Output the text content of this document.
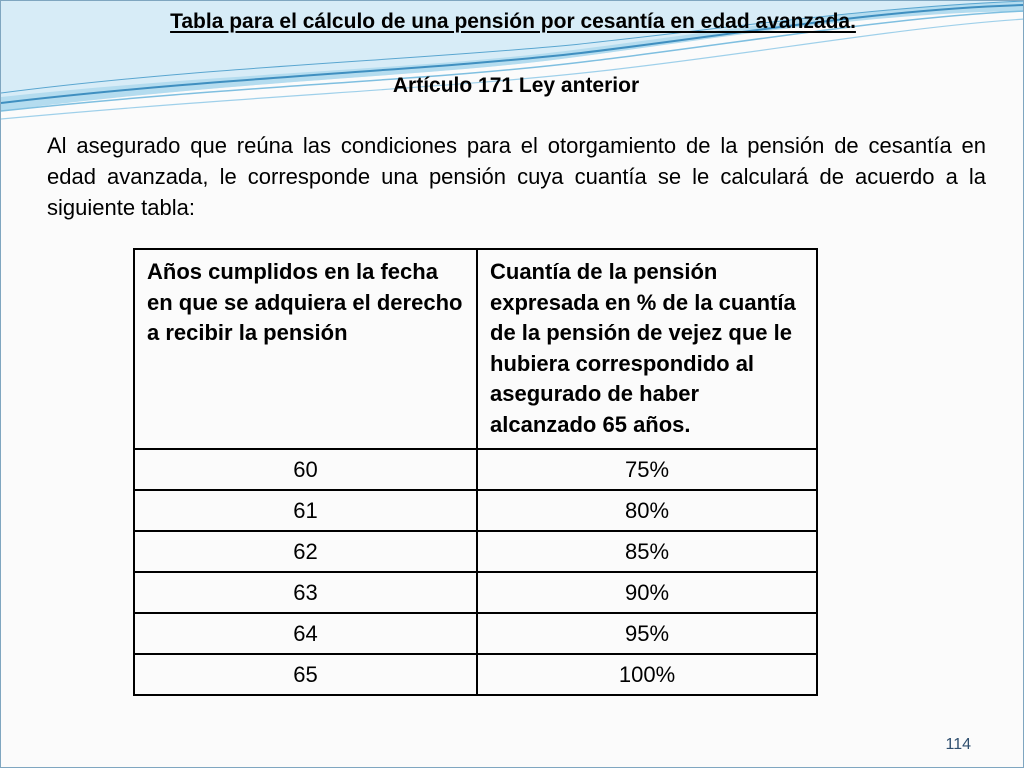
Tabla para el cálculo de una pensión por cesantía en edad avanzada.
Artículo 171 Ley anterior
Al asegurado que reúna las condiciones para el otorgamiento de la pensión de cesantía en edad avanzada, le corresponde una pensión cuya cuantía se le calculará de acuerdo a la siguiente tabla:
Años cumplidos en la fecha en que se adquiera el derecho a recibir la pensión	Cuantía de la pensión expresada en % de la cuantía de la pensión de vejez que le hubiera correspondido al asegurado de haber alcanzado 65 años.
60	75%
61	80%
62	85%
63	90%
64	95%
65	100%
114
